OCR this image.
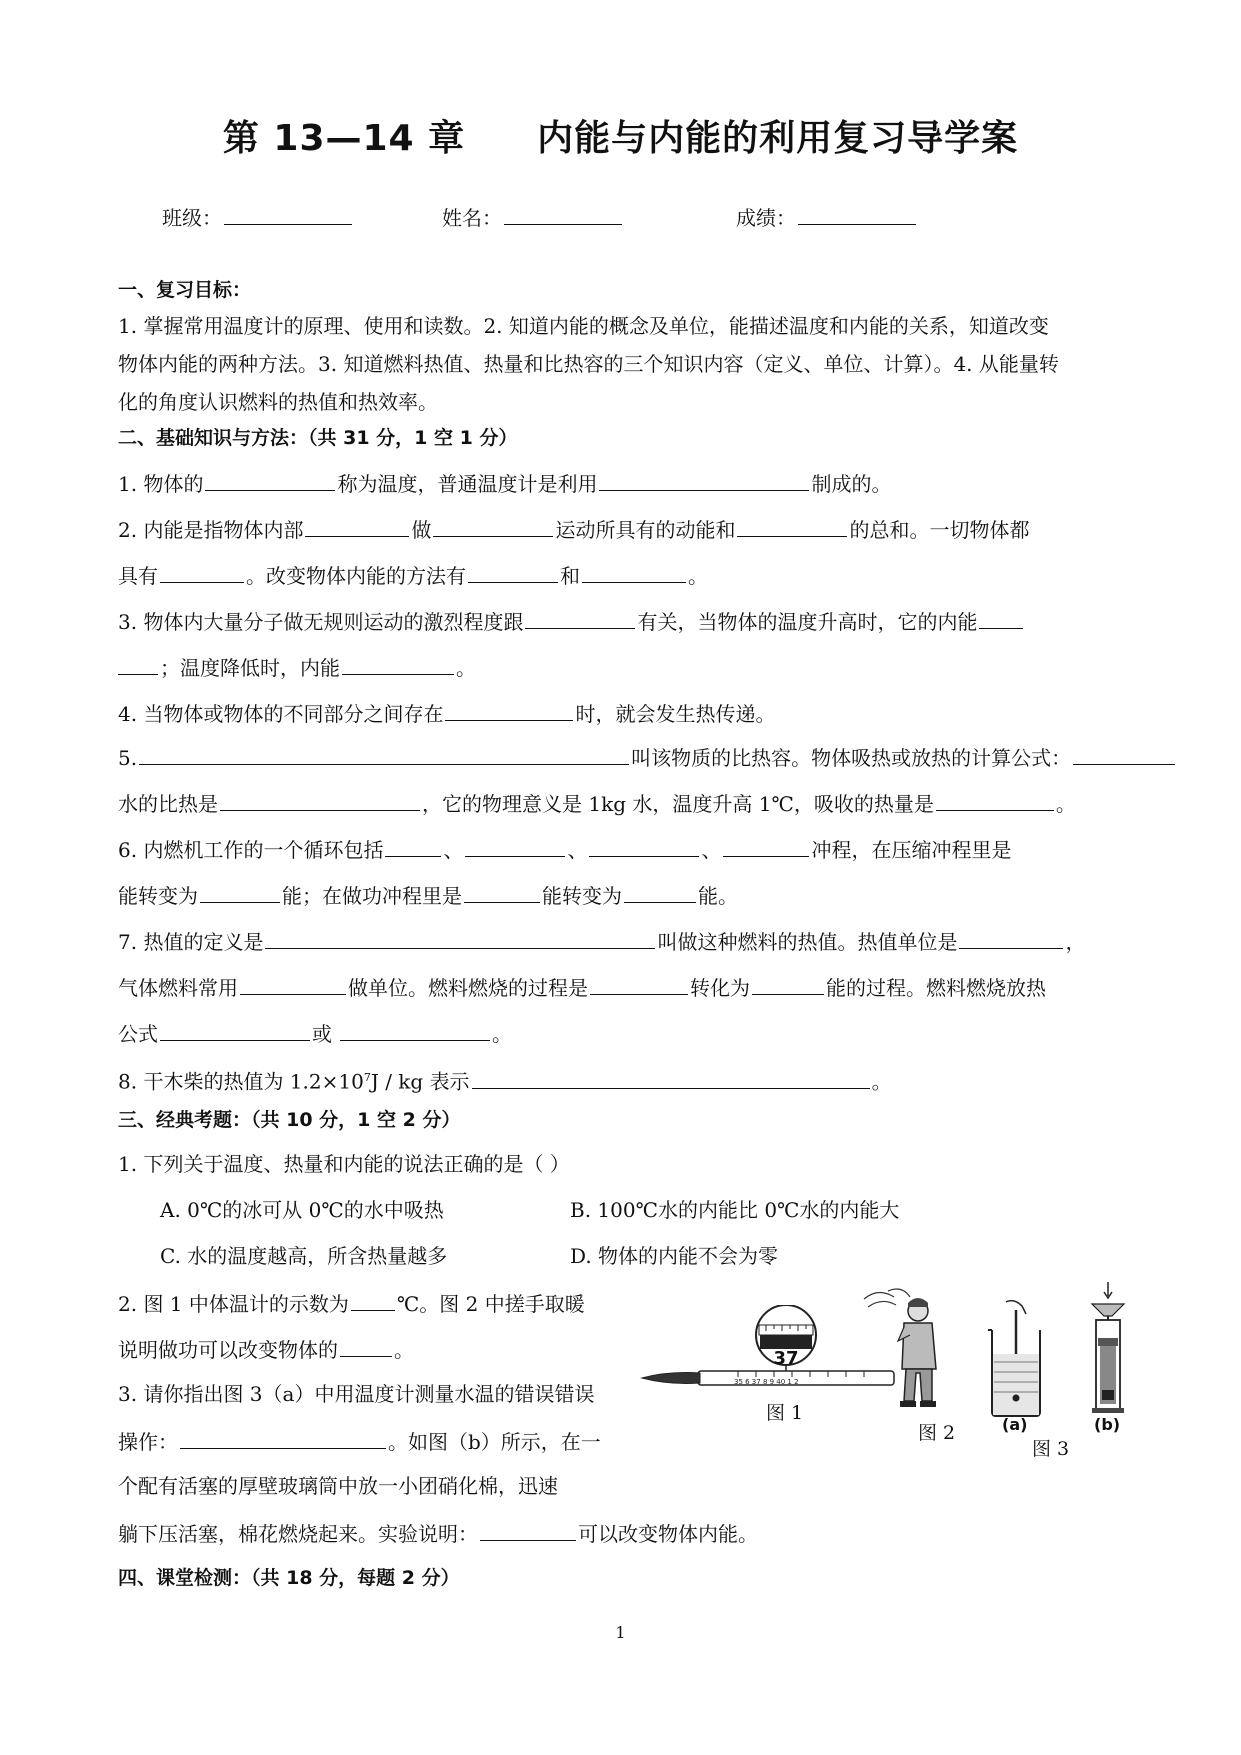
第 13—14 章 内能与内能的利用复习导学案
班级：	姓名：	成绩：
一、复习目标：
1. 掌握常用温度计的原理、使用和读数。2. 知道内能的概念及单位，能描述温度和内能的关系，知道改变
物体内能的两种方法。3. 知道燃料热值、热量和比热容的三个知识内容（定义、单位、计算）。4. 从能量转
化的角度认识燃料的热值和热效率。
二、基础知识与方法：（共 31 分，1 空 1 分）
1. 物体的	称为温度，普通温度计是利用	制成的。
2. 内能是指物体内部	做	运动所具有的动能和	的总和。一切物体都
具有	。改变物体内能的方法有	和	。
3. 物体内大量分子做无规则运动的激烈程度跟	有关，当物体的温度升高时，它的内能
；温度降低时，内能	。
4. 当物体或物体的不同部分之间存在	时，就会发生热传递。
5.	叫该物质的比热容。物体吸热或放热的计算公式：
水的比热是	，它的物理意义是 1kg 水，温度升高 1℃，吸收的热量是	。
6. 内燃机工作的一个循环包括	、	、	、	冲程，在压缩冲程里是
能转变为	能；在做功冲程里是	能转变为	能。
7. 热值的定义是	叫做这种燃料的热值。热值单位是	，
气体燃料常用	做单位。燃料燃烧的过程是	转化为	能的过程。燃料燃烧放热
公式	或	。
8. 干木柴的热值为 $1.2\times 10^7J$ / kg 表示	。
三、经典考题：（共 10 分，1 空 2 分）
1. 下列关于温度、热量和内能的说法正确的是（ ）
A. 0℃的冰可从 0℃的水中吸热	B. 100℃水的内能比 0℃水的内能大
C. 水的温度越高，所含热量越多	D. 物体的内能不会为零
2. 图 1 中体温计的示数为 ℃。图 2 中搓手取暖
说明做功可以改变物体的	。
3. 请你指出图 3（a）中用温度计测量水温的错误错误
操作：	。如图（b）所示，在一
个配有活塞的厚壁玻璃筒中放一小团硝化棉，迅速
躺下压活塞，棉花燃烧起来。实验说明：	可以改变物体内能。
四、课堂检测：（共 18 分，每题 2 分）
35 6 37 8 9 40 1 2
37
图 1
图 2	(a)	(b)
图 3
1
